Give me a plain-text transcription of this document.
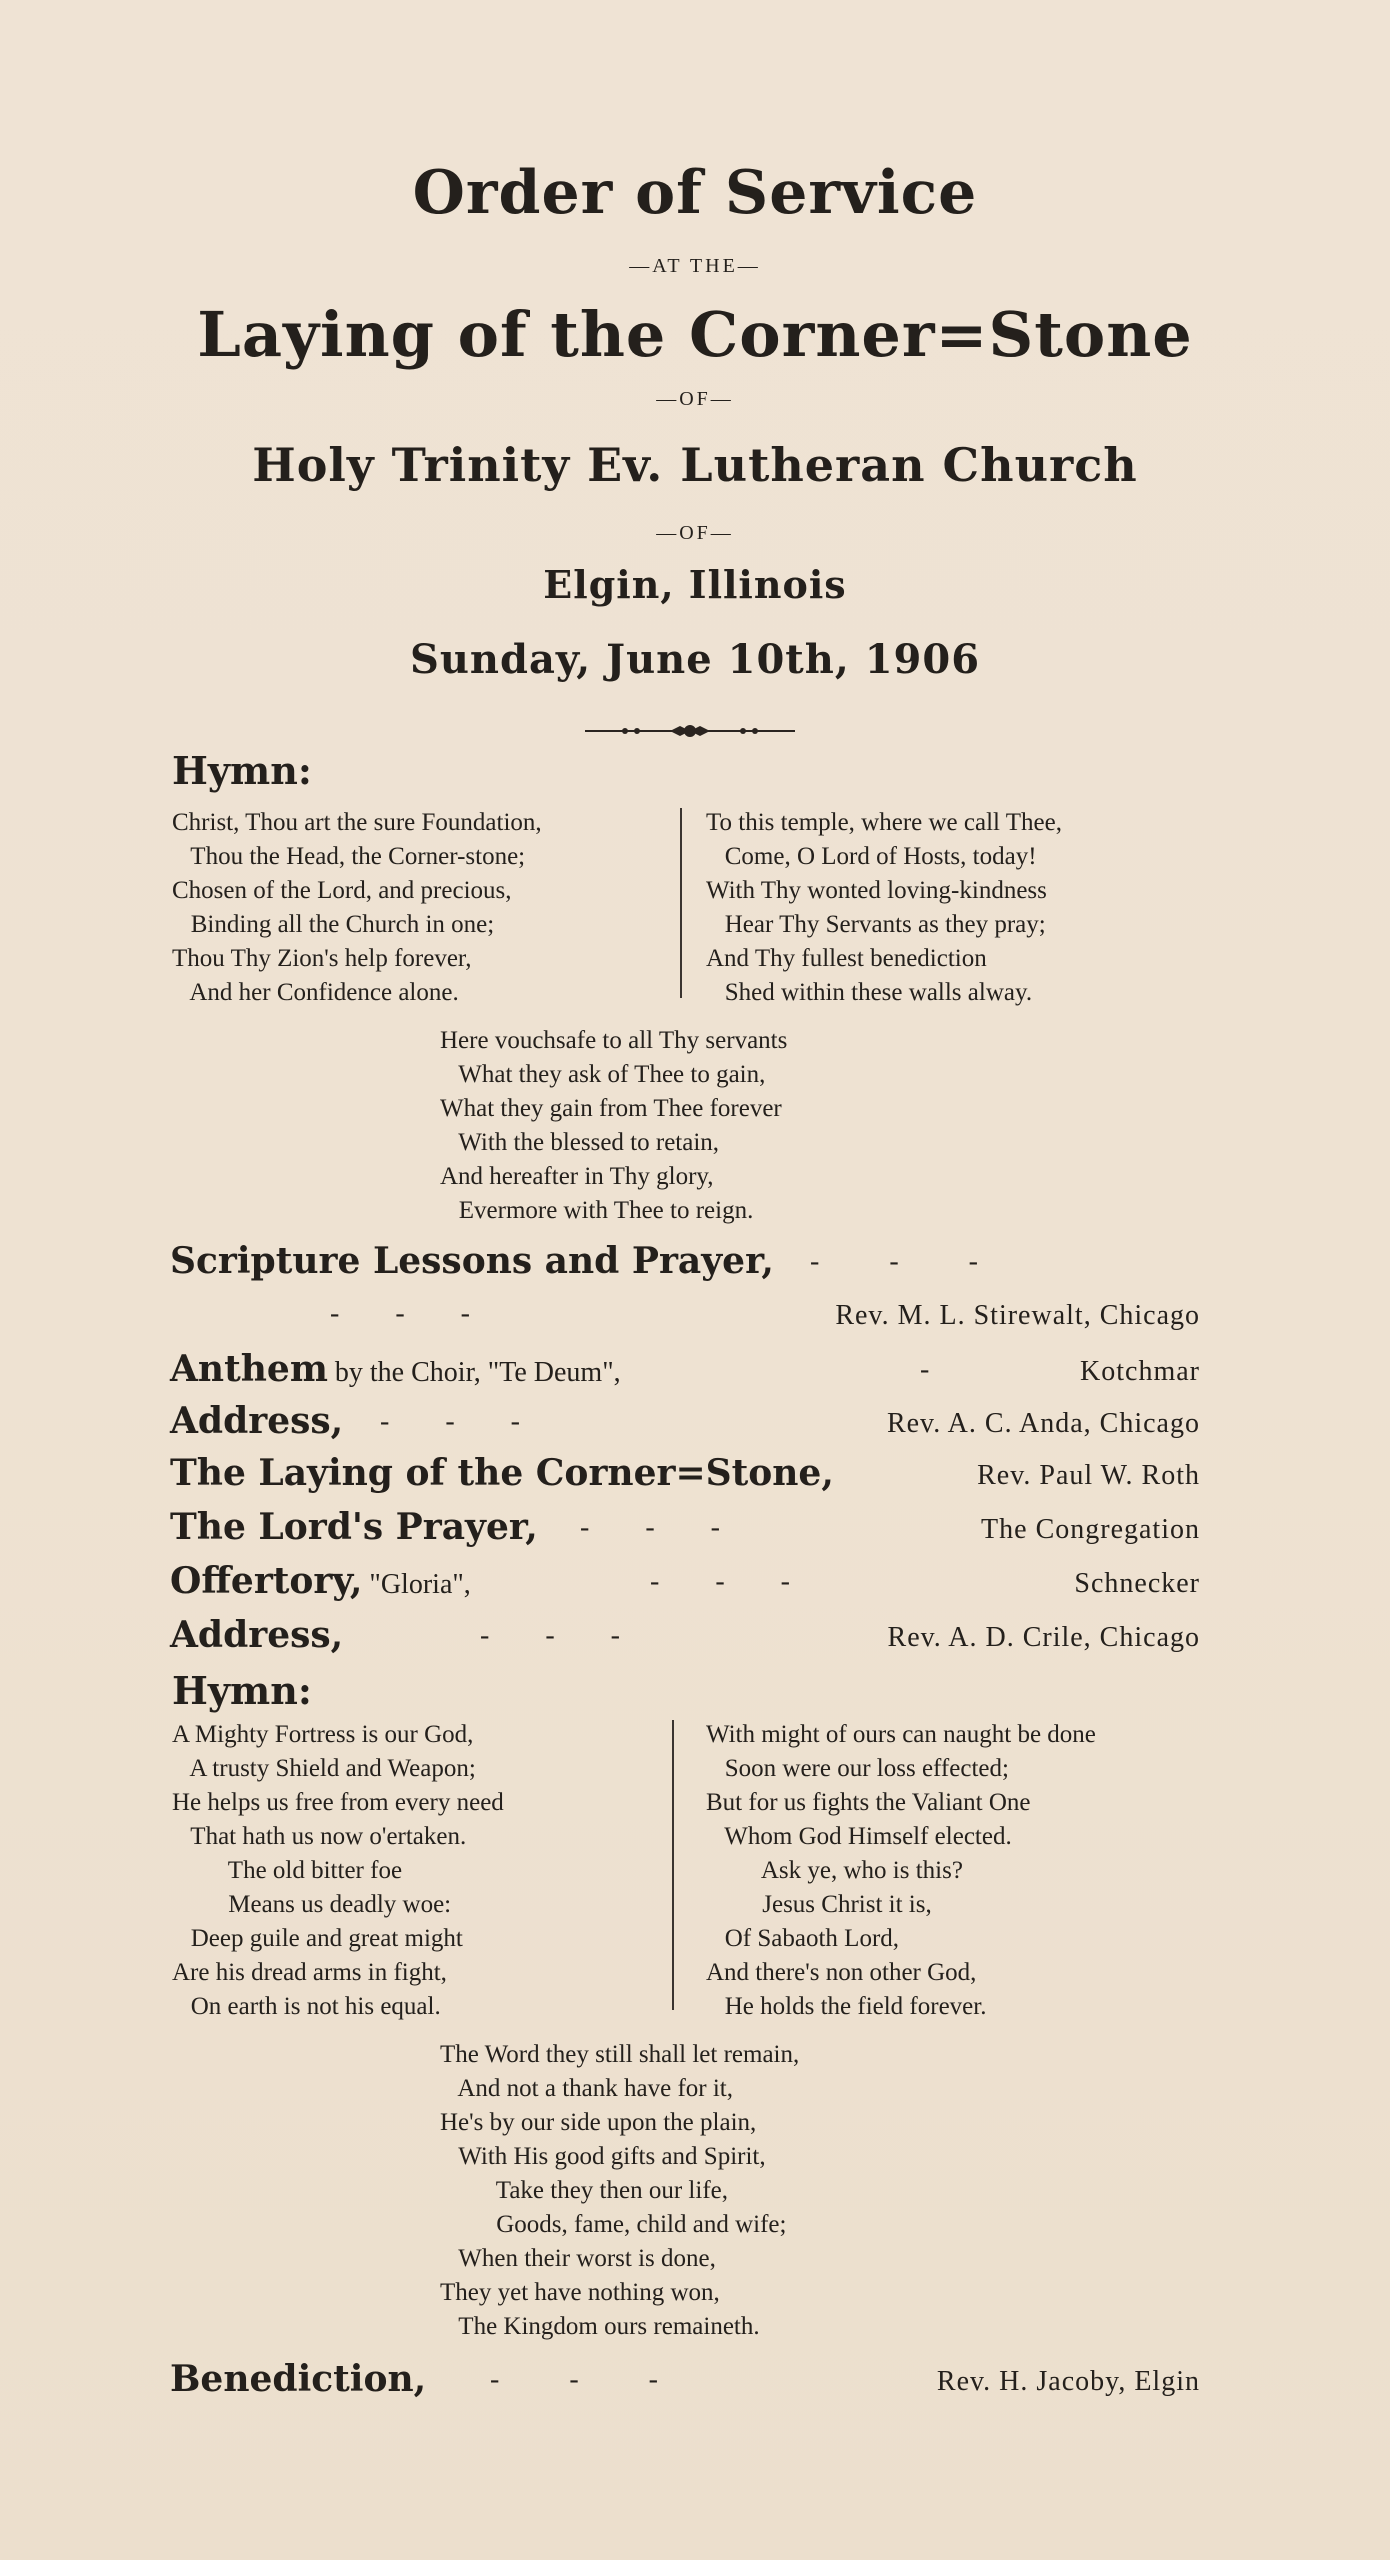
Order of Service
—AT THE—
Laying of the Corner=Stone
—OF—
Holy Trinity Ev. Lutheran Church
—OF—
Elgin, Illinois
Sunday, June 10th, 1906
Hymn:
Christ, Thou art the sure Foundation,
Thou the Head, the Corner-stone;
Chosen of the Lord, and precious,
Binding all the Church in one;
Thou Thy Zion's help forever,
And her Confidence alone.
To this temple, where we call Thee,
Come, O Lord of Hosts, today!
With Thy wonted loving-kindness
Hear Thy Servants as they pray;
And Thy fullest benediction
Shed within these walls alway.
Here vouchsafe to all Thy servants
What they ask of Thee to gain,
What they gain from Thee forever
With the blessed to retain,
And hereafter in Thy glory,
Evermore with Thee to reign.
Scripture Lessons and Prayer, -      -      -
-        -        -	Rev. M. L. Stirewalt, Chicago
Anthem by the Choir, "Te Deum",	-	Kotchmar
Address, -        -        -	Rev. A. C. Anda, Chicago
The Laying of the Corner=Stone,	Rev. Paul W. Roth
The Lord's Prayer, -        -        -	The Congregation
Offertory, "Gloria",	-        -        -	Schnecker
Address,	-        -        -	Rev. A. D. Crile, Chicago
Hymn:
A Mighty Fortress is our God,
A trusty Shield and Weapon;
He helps us free from every need
That hath us now o'ertaken.
The old bitter foe
Means us deadly woe:
Deep guile and great might
Are his dread arms in fight,
On earth is not his equal.
With might of ours can naught be done
Soon were our loss effected;
But for us fights the Valiant One
Whom God Himself elected.
Ask ye, who is this?
Jesus Christ it is,
Of Sabaoth Lord,
And there's non other God,
He holds the field forever.
The Word they still shall let remain,
And not a thank have for it,
He's by our side upon the plain,
With His good gifts and Spirit,
Take they then our life,
Goods, fame, child and wife;
When their worst is done,
They yet have nothing won,
The Kingdom ours remaineth.
Benediction, -      -      -	Rev. H. Jacoby, Elgin
